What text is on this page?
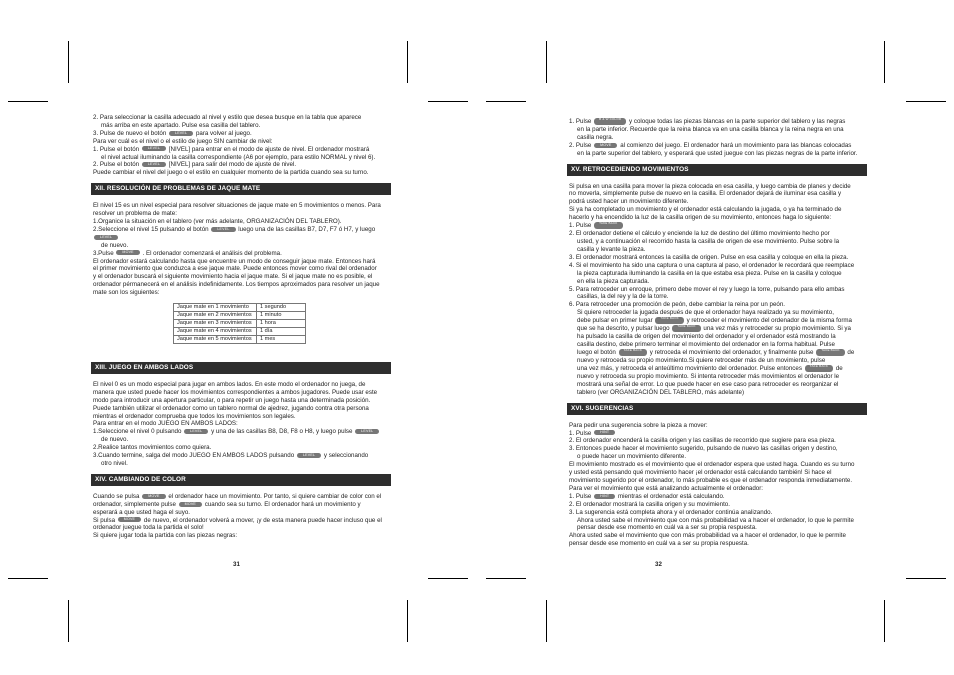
2. Para seleccionar la casilla adecuado al nivel y estilo que desea busque en la tabla que aparece
más arriba en este apartado. Pulse esa casilla del tablero.
3. Pulse de nuevo el botón LEVEL para volver al juego.
Para ver cuál es el nivel o el estilo de juego SIN cambiar de nivel:
1. Pulse el botón LEVEL [NIVEL] para entrar en el modo de ajuste de nivel. El ordenador mostrará
el nivel actual iluminando la casilla correspondiente (A6 por ejemplo, para estilo NORMAL y nivel 6).
2. Pulse el botón LEVEL [NIVEL] para salir del modo de ajuste de nivel.
Puede cambiar el nivel del juego o el estilo en cualquier momento de la partida cuando sea su turno.
XII. RESOLUCIÓN DE PROBLEMAS DE JAQUE MATE
El nivel 15 es un nivel especial para resolver situaciones de jaque mate en 5 movimientos o menos. Para
resolver un problema de mate:
1.Organice la situación en el tablero (ver más adelante, ORGANIZACIÓN DEL TABLERO).
2.Seleccione el nivel 15 pulsando el botón LEVEL luego una de las casillas B7, D7, F7 ó H7, y luego LEVEL
de nuevo.
3.Pulse MOVE . El ordenador comenzará el análisis del problema.
El ordenador estará calculando hasta que encuentre un modo de conseguir jaque mate. Entonces hará
el primer movimiento que conduzca a ese jaque mate. Puede entonces mover como rival del ordenador
y el ordenador buscará el siguiente movimiento hacia el jaque mate. Si el jaque mate no es posible, el
ordenador pérmanecerá en el análisis indefinidamente. Los tiempos aproximados para resolver un jaque
mate son los siguientes:
Jaque mate en 1 movimiento	1 segundo
Jaque mate en 2 movimientos	1 minuto
Jaque mate en 3 movimientos	1 hora
Jaque mate en 4 movimientos	1 día
Jaque mate en 5 movimientos	1 mes
XIII. JUEGO EN AMBOS LADOS
El nivel 0 es un modo especial para jugar en ambos lados. En este modo el ordenador no juega, de
manera que usted puede hacer los movimientos correspondientes a ambos jugadores. Puede usar este
modo para introducir una apertura particular, o para repetir un juego hasta una determinada posición.
Puede también utilizar el ordenador como un tablero normal de ajedrez, jugando contra otra persona
mientras el ordenador comprueba que todos los movimientos son legales.
Para entrar en el modo JUEGO EN AMBOS LADOS:
1.Seleccione el nivel 0 pulsando LEVEL y una de las casillas B8, D8, F8 o H8, y luego pulse LEVEL
de nuevo.
2.Realice tantos movimientos como quiera.
3.Cuando termine, salga del modo JUEGO EN AMBOS LADOS pulsando LEVEL y seleccionando
otro nivel.
XIV. CAMBIANDO DE COLOR
Cuando se pulsa MOVE el ordenador hace un movimiento. Por tanto, si quiere cambiar de color con el
ordenador, simplemente pulse MOVE cuando sea su turno. El ordenador hará un movimiento y
esperará a que usted haga el suyo.
Si pulsa MOVE de nuevo, el ordenador volverá a mover, ¡y de esta manera puede hacer incluso que el
ordenador juegue toda la partida el solo!
Si quiere jugar toda la partida con las piezas negras:
31
1. Pulse	B & W COLOR y coloque todas las piezas blancas en la parte superior del tablero y las negras
en la parte inferior. Recuerde que la reina blanca va en una casilla blanca y la reina negra en una
casilla negra.
2. Pulse MOVE al comienzo del juego. El ordenador hará un movimiento para las blancas colocadas
en la parte superior del tablero, y esperará que usted juegue con las piezas negras de la parte inferior.
XV. RETROCEDIENDO MOVIMIENTOS
Si pulsa en una casilla para mover la pieza colocada en esa casilla, y luego cambia de planes y decide
no moverla, simplemente pulse de nuevo en la casilla. El ordenador dejará de iluminar esa casilla y
podrá usted hacer un movimiento diferente.
Si ya ha completado un movimiento y el ordenador está calculando la jugada, o ya ha terminado de
hacerlo y ha encendido la luz de la casilla origen de su movimiento, entonces haga lo siguiente:
1. Pulse	TAKE BACK
2. El ordenador detiene el cálculo y enciende la luz de destino del último movimiento hecho por
usted, y a continuación el recorrido hasta la casilla de origen de ese movimiento. Pulse sobre la
casilla y levante la pieza.
3. El ordenador mostrará entonces la casilla de origen. Pulse en esa casilla y coloque en ella la pieza.
4. Si el movimiento ha sido una captura o una captura al paso, el ordenador le recordará que reemplace
la pieza capturada iluminando la casilla en la que estaba esa pieza. Pulse en la casilla y coloque
en ella la pieza capturada.
5. Para retroceder un enroque, primero debe mover el rey y luego la torre, pulsando para ello ambas
casillas, la del rey y la de la torre.
6. Para retroceder una promoción de peón, debe cambiar la reina por un peón.
Si quiere retroceder la jugada después de que el ordenador haya realizado ya su movimiento,
debe pulsar en primer lugar	TAKE BACK y retroceder el movimiento del ordenador de la misma forma
que se ha descrito, y pulsar luego	TAKE BACK una vez más y retroceder su propio movimiento. Si ya
ha pulsado la casilla de origen del movimiento del ordenador y el ordenador está mostrando la
casilla destino, debe primero terminar el movimiento del ordenador en la forma habitual. Pulse
luego el botón	TAKE BACK y retroceda el movimiento del ordenador, y finalmente pulse	TAKE BACK de
nuevo y retroceda su propio movimiento.Si quiere retroceder más de un movimiento, pulse
una vez más, y retroceda el anteúltimo movimiento del ordenador. Pulse entonces	TAKE BACK de
nuevo y retroceda su propio movimiento. Si intenta retroceder más movimientos el ordenador le
mostrará una señal de error. Lo que puede hacer en ese caso para retroceder es reorganizar el
tablero (ver ORGANIZACIÓN DEL TABLERO, más adelante)
XVI. SUGERENCIAS
Para pedir una sugerencia sobre la pieza a mover:
1. Pulse HINT
2. El ordenador encenderá la casilla origen y las casillas de recorrido que sugiere para esa pieza.
3. Entonces puede hacer el movimiento sugerido, pulsando de nuevo las casillas origen y destino,
o puede hacer un movimiento diferente.
El movimiento mostrado es el movimiento que el ordenador espera que usted haga. Cuando es su turno
y usted está pensando qué movimiento hacer ¡el ordenador está calculando también! Si hace el
movimiento sugerido por el ordenador, lo más probable es que el ordenador responda inmediatamente.
Para ver el movimiento que está analizando actualmente el ordenador:
1. Pulse HINT mientras el ordenador está calculando.
2. El ordenador mostrará la casilla origen y su movimiento.
3. La sugerencia está completa ahora y el ordenador continúa analizando.
Ahora usted sabe el movimiento que con más probabilidad va a hacer el ordenador, lo que le permite
pensar desde ese momento en cuál va a ser su propia respuesta.
Ahora usted sabe el movimiento que con más probabilidad va a hacer el ordenador, lo que le permite
pensar desde ese momento en cuál va a ser su propia respuesta.
32
